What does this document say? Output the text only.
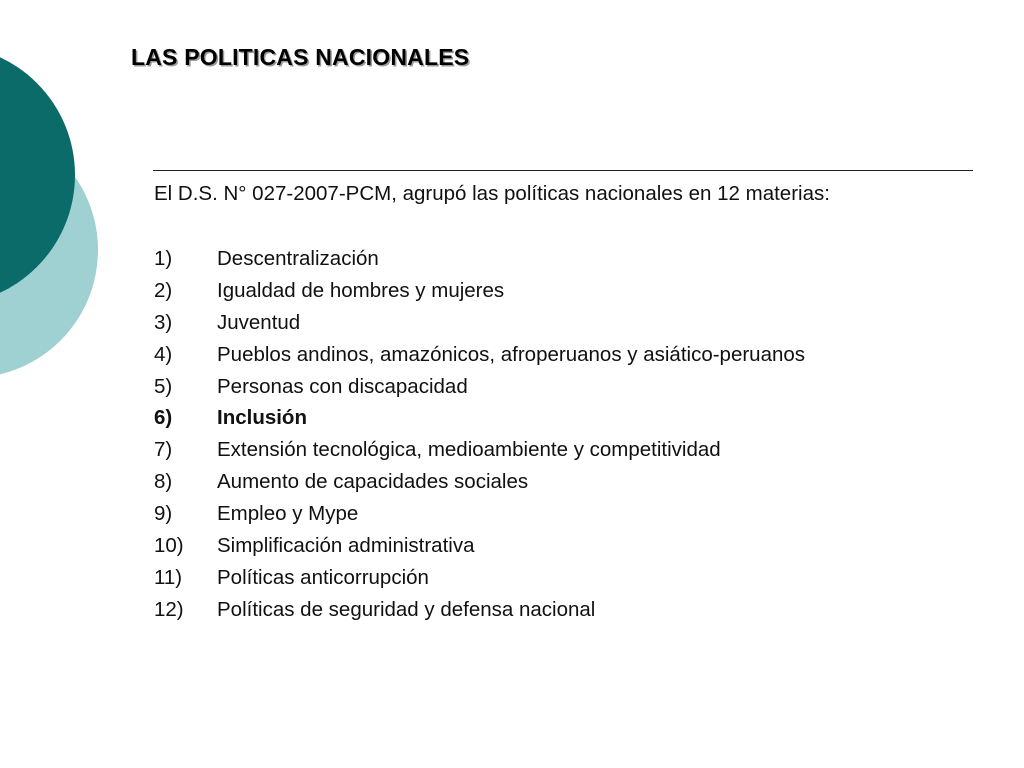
LAS POLITICAS NACIONALES
El D.S. N° 027-2007-PCM, agrupó las políticas nacionales en 12 materias:
1) Descentralización
2) Igualdad de hombres y mujeres
3) Juventud
4) Pueblos andinos, amazónicos, afroperuanos y asiático-peruanos
5) Personas con discapacidad
6) Inclusión
7) Extensión tecnológica, medioambiente y competitividad
8) Aumento de capacidades sociales
9) Empleo y Mype
10) Simplificación administrativa
11) Políticas anticorrupción
12) Políticas de seguridad y defensa nacional
